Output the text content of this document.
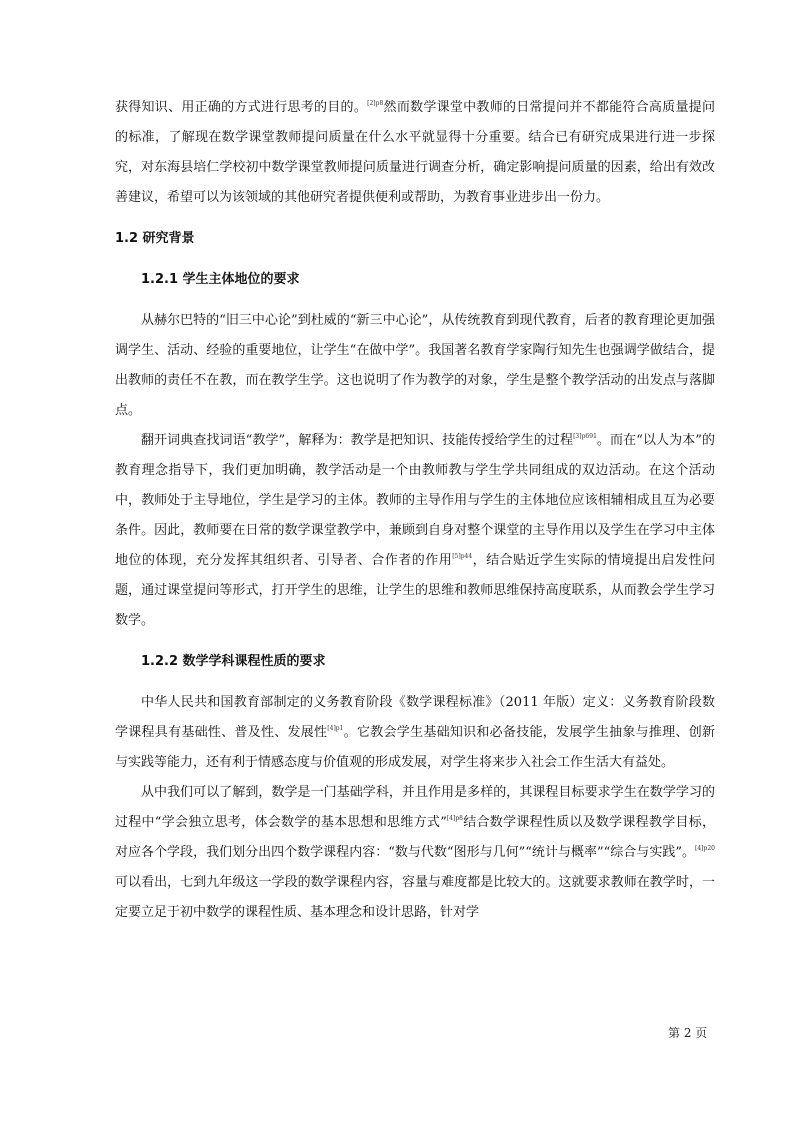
获得知识、用正确的方式进行思考的目的。$^{[2]p8}$然而数学课堂中教师的日常提问并不都能符合高质量提问的标准，了解现在数学课堂教师提问质量在什么水平就显得十分重要。结合已有研究成果进行进一步探究，对东海县培仁学校初中数学课堂教师提问质量进行调查分析，确定影响提问质量的因素，给出有效改善建议，希望可以为该领域的其他研究者提供便利或帮助，为教育事业进步出一份力。

1.2 研究背景
1.2.1 学生主体地位的要求

从赫尔巴特的“旧三中心论”到杜威的“新三中心论”，从传统教育到现代教育，后者的教育理论更加强调学生、活动、经验的重要地位，让学生“在做中学”。我国著名教育学家陶行知先生也强调学做结合，提出教师的责任不在教，而在教学生学。这也说明了作为教学的对象，学生是整个教学活动的出发点与落脚点。

翻开词典查找词语“教学”，解释为：教学是把知识、技能传授给学生的过程$^{[3]p691}$。而在“以人为本”的教育理念指导下，我们更加明确，教学活动是一个由教师教与学生学共同组成的双边活动。在这个活动中，教师处于主导地位，学生是学习的主体。教师的主导作用与学生的主体地位应该相辅相成且互为必要条件。因此，教师要在日常的数学课堂教学中，兼顾到自身对整个课堂的主导作用以及学生在学习中主体地位的体现，充分发挥其组织者、引导者、合作者的作用$^{[5]p44}$，结合贴近学生实际的情境提出启发性问题，通过课堂提问等形式，打开学生的思维，让学生的思维和教师思维保持高度联系，从而教会学生学习数学。

1.2.2 数学学科课程性质的要求

中华人民共和国教育部制定的义务教育阶段《数学课程标准》（2011 年版）定义：义务教育阶段数学课程具有基础性、普及性、发展性$^{[4]p1}$。它教会学生基础知识和必备技能，发展学生抽象与推理、创新与实践等能力，还有利于情感态度与价值观的形成发展，对学生将来步入社会工作生活大有益处。

从中我们可以了解到，数学是一门基础学科，并且作用是多样的，其课程目标要求学生在数学学习的过程中“学会独立思考，体会数学的基本思想和思维方式”$^{[4]p8}$结合数学课程性质以及数学课程教学目标，对应各个学段，我们划分出四个数学课程内容：“数与代数“图形与几何”“统计与概率”“综合与实践”。$^{[4]p20}$可以看出，七到九年级这一学段的数学课程内容，容量与难度都是比较大的。这就要求教师在教学时，一定要立足于初中数学的课程性质、基本理念和设计思路，针对学

第 2 页
